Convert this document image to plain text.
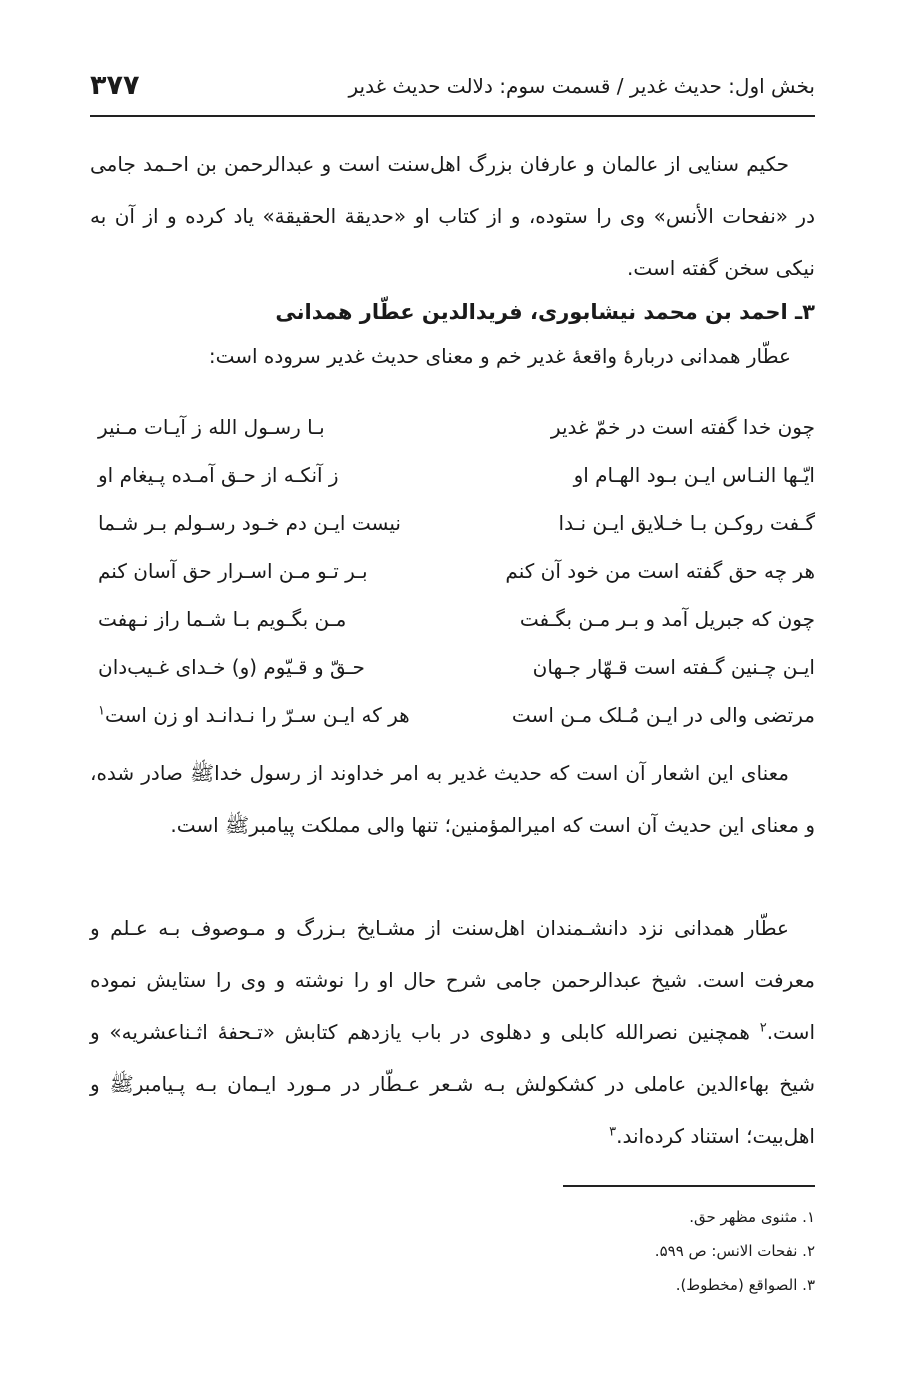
بخش اول: حدیث غدیر / قسمت سوم: دلالت حدیث غدیر
۳۷۷

حکیم سنایی از عالمان و عارفان بزرگ اهل‌سنت است و عبدالرحمن بن احـمد جامی در «نفحات الأنس» وی را ستوده، و از کتاب او «حدیقة الحقیقة» یاد کرده و از آن به نیکی سخن گفته است.

۳ـ احمد بن محمد نیشابوری، فریدالدین عطّار همدانی

عطّار همدانی دربارهٔ واقعهٔ غدیر خم و معنای حدیث غدیر سروده است:

چون خدا گفته است در خمّ غدیر
بـا رسـول الله ز آیـات مـنیر
ایّـها النـاس ایـن بـود الهـام او
ز آنکـه از حـق آمـده پـیغام او
گـفت روکـن بـا خـلایق ایـن نـدا
نیست ایـن دم خـود رسـولم بـر شـما
هر چه حق گفته است من خود آن کنم
بـر تـو مـن اسـرار حق آسان کنم
چون که جبریل آمد و بـر مـن بگـفت
مـن بگـویم بـا شـما راز نـهفت
ایـن چـنین گـفته است قـهّار جـهان
حـقّ و قـیّوم (و) خـدای غـیب‌دان
مرتضی والی در ایـن مُـلک مـن است
هر که ایـن سـرّ را نـدانـد او زن است$^۱$

معنای این اشعار آن است که حدیث غدیر به امر خداوند از رسول خداﷺ صادر شده، و معنای این حدیث آن است که امیرالمؤمنین؛ تنها والی مملکت پیامبرﷺ است.

عطّار همدانی نزد دانشـمندان اهل‌سنت از مشـایخ بـزرگ و مـوصوف بـه عـلم و معرفت است. شیخ عبدالرحمن جامی شرح حال او را نوشته و وی را ستایش نموده است.$^۲$ همچنین نصرالله کابلی و دهلوی در باب یازدهم کتابش «تـحفهٔ اثـناعشریه» و شیخ بهاءالدین عاملی در کشکولش بـه شـعر عـطّار در مـورد ایـمان بـه پـیامبرﷺ و اهل‌بیت؛ استناد کرده‌اند.$^۳$

۱. مثنوی مظهر حق.
۲. نفحات الانس: ص ۵۹۹.
۳. الصواقع (مخطوط).
